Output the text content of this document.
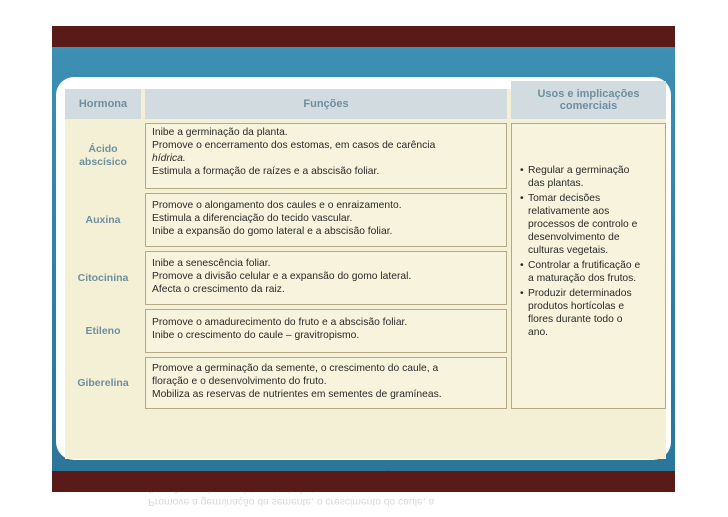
Hormona	Funções
Usos e implicações comerciais
Ácido abscísico
Inibe a germinação da planta.
Promove o encerramento dos estomas, em casos de carência
hídrica.
Estimula a formação de raízes e a abscisão foliar.
Auxina
Promove o alongamento dos caules e o enraizamento.
Estimula a diferenciação do tecido vascular.
Inibe a expansão do gomo lateral e a abscisão foliar.
Citocinina
Inibe a senescência foliar.
Promove a divisão celular e a expansão do gomo lateral.
Afecta o crescimento da raiz.
Etileno
Promove o amadurecimento do fruto e a abscisão foliar.
Inibe o crescimento do caule – gravitropismo.
Giberelina
Promove a germinação da semente, o crescimento do caule, a
floração e o desenvolvimento do fruto.
Mobiliza as reservas de nutrientes em sementes de gramíneas.
• Regular a germinação
das plantas.
• Tomar decisões
relativamente aos
processos de controlo e
desenvolvimento de
culturas vegetais.
• Controlar a frutificação e
a maturação dos frutos.
• Produzir determinados
produtos hortícolas e
flores durante todo o
ano.
Promove a germinação da semente, o crescimento do caule, a
